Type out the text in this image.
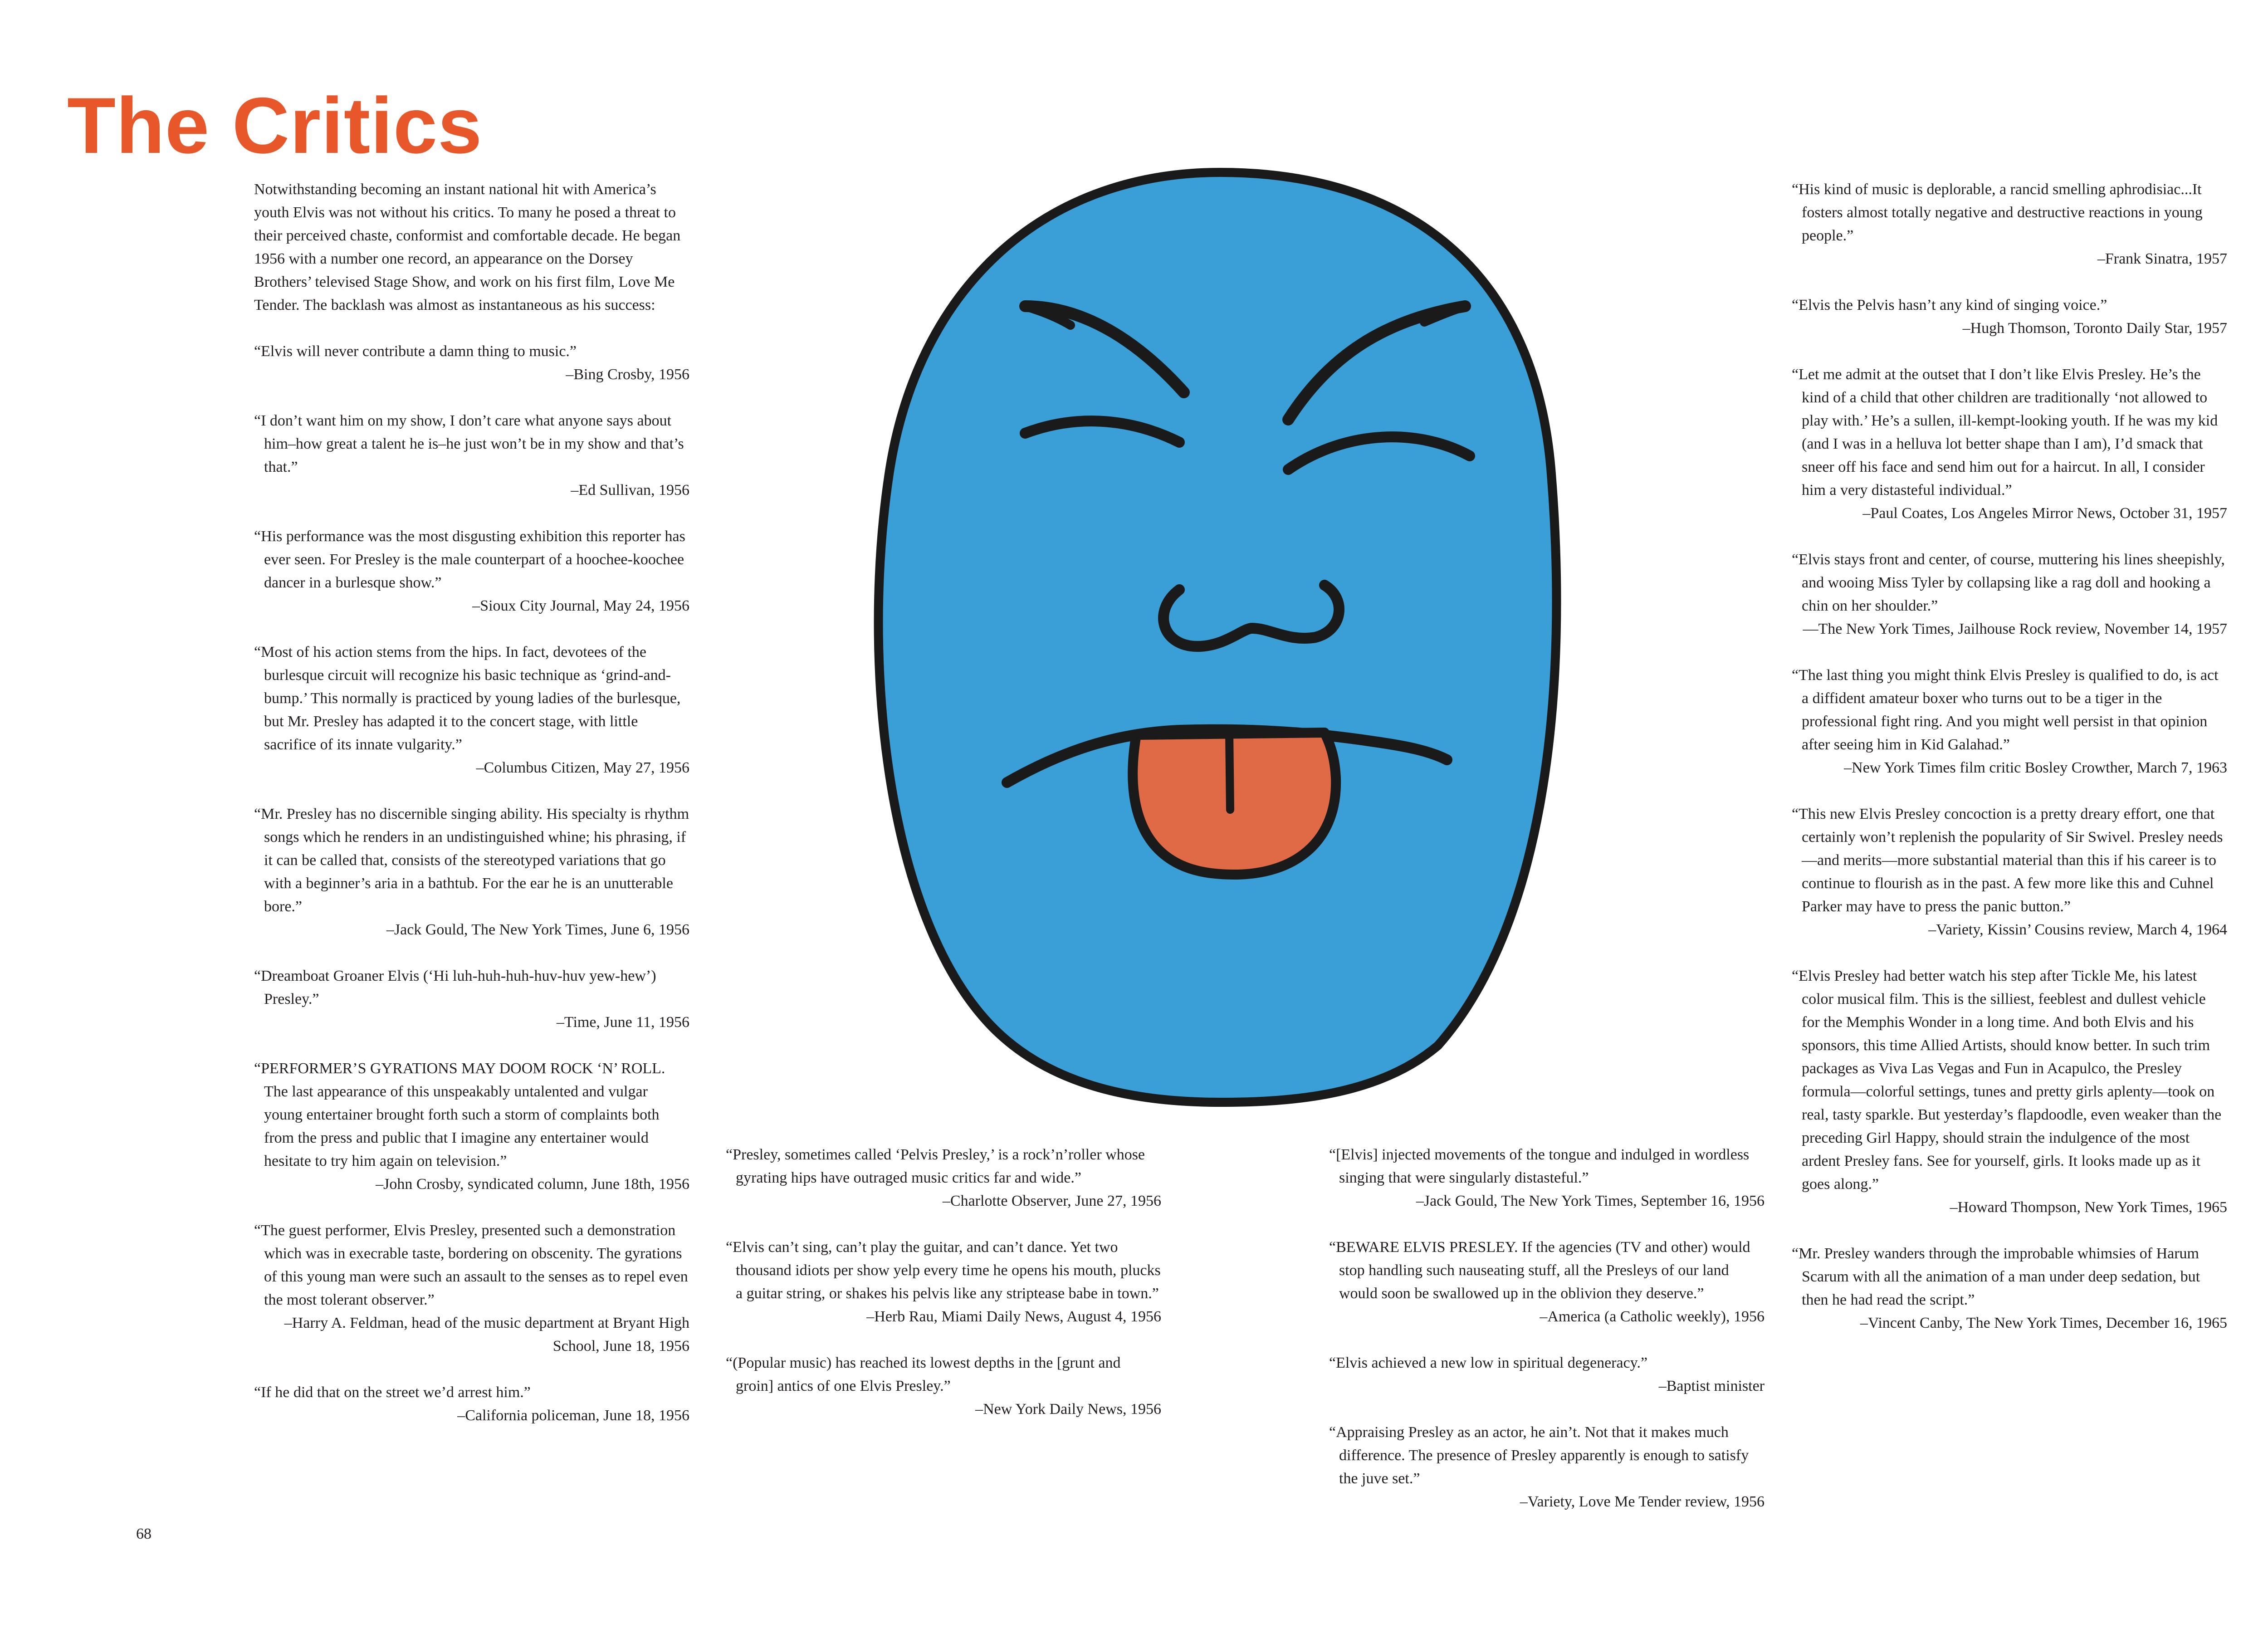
The Critics

Notwithstanding becoming an instant national hit with America’s youth Elvis was not without his critics. To many he posed a threat to their perceived chaste, conformist and comfortable decade. He began 1956 with a number one record, an appearance on the Dorsey Brothers’ televised Stage Show, and work on his first film, Love Me Tender. The backlash was almost as instantaneous as his success:

“Elvis will never contribute a damn thing to music.”

–Bing Crosby, 1956

“I don’t want him on my show, I don’t care what anyone says about him–how great a talent he is–he just won’t be in my show and that’s that.”

–Ed Sullivan, 1956

“His performance was the most disgusting exhibition this reporter has ever seen. For Presley is the male counterpart of a hoochee-koochee dancer in a burlesque show.”

–Sioux City Journal, May 24, 1956

“Most of his action stems from the hips. In fact, devotees of the burlesque circuit will recognize his basic technique as ‘grind-and-bump.’ This normally is practiced by young ladies of the burlesque, but Mr. Presley has adapted it to the concert stage, with little sacrifice of its innate vulgarity.”

–Columbus Citizen, May 27, 1956

“Mr. Presley has no discernible singing ability. His specialty is rhythm songs which he renders in an undistinguished whine; his phrasing, if it can be called that, consists of the stereotyped variations that go with a beginner’s aria in a bathtub. For the ear he is an unutterable bore.”

–Jack Gould, The New York Times, June 6, 1956

“Dreamboat Groaner Elvis (‘Hi luh-huh-huh-huv-huv yew-hew’) Presley.”

–Time, June 11, 1956

“PERFORMER’S GYRATIONS MAY DOOM ROCK ‘N’ ROLL. The last appearance of this unspeakably untalented and vulgar young entertainer brought forth such a storm of complaints both from the press and public that I imagine any entertainer would hesitate to try him again on television.”

–John Crosby, syndicated column, June 18th, 1956

“The guest performer, Elvis Presley, presented such a demonstration which was in execrable taste, bordering on obscenity. The gyrations of this young man were such an assault to the senses as to repel even the most tolerant observer.”

–Harry A. Feldman, head of the music department at Bryant High School, June 18, 1956

“If he did that on the street we’d arrest him.”

–California policeman, June 18, 1956

“Presley, sometimes called ‘Pelvis Presley,’ is a rock’n’roller whose gyrating hips have outraged music critics far and wide.”

–Charlotte Observer, June 27, 1956

“Elvis can’t sing, can’t play the guitar, and can’t dance. Yet two thousand idiots per show yelp every time he opens his mouth, plucks a guitar string, or shakes his pelvis like any striptease babe in town.”

–Herb Rau, Miami Daily News, August 4, 1956

“(Popular music) has reached its lowest depths in the [grunt and groin] antics of one Elvis Presley.”

–New York Daily News, 1956

“[Elvis] injected movements of the tongue and indulged in wordless singing that were singularly distasteful.”

–Jack Gould, The New York Times, September 16, 1956

“BEWARE ELVIS PRESLEY. If the agencies (TV and other) would stop handling such nauseating stuff, all the Presleys of our land would soon be swallowed up in the oblivion they deserve.”

–America (a Catholic weekly), 1956

“Elvis achieved a new low in spiritual degeneracy.”

–Baptist minister

“Appraising Presley as an actor, he ain’t. Not that it makes much difference. The presence of Presley apparently is enough to satisfy the juve set.”

–Variety, Love Me Tender review, 1956

“His kind of music is deplorable, a rancid smelling aphrodisiac...It fosters almost totally negative and destructive reactions in young people.”

–Frank Sinatra, 1957

“Elvis the Pelvis hasn’t any kind of singing voice.”

–Hugh Thomson, Toronto Daily Star, 1957

“Let me admit at the outset that I don’t like Elvis Presley. He’s the kind of a child that other children are traditionally ‘not allowed to play with.’ He’s a sullen, ill-kempt-looking youth. If he was my kid (and I was in a helluva lot better shape than I am), I’d smack that sneer off his face and send him out for a haircut. In all, I consider him a very distasteful individual.”

–Paul Coates, Los Angeles Mirror News, October 31, 1957

“Elvis stays front and center, of course, muttering his lines sheepishly, and wooing Miss Tyler by collapsing like a rag doll and hooking a chin on her shoulder.”

—The New York Times, Jailhouse Rock review, November 14, 1957

“The last thing you might think Elvis Presley is qualified to do, is act a diffident amateur boxer who turns out to be a tiger in the professional fight ring. And you might well persist in that opinion after seeing him in Kid Galahad.”

–New York Times film critic Bosley Crowther, March 7, 1963

“This new Elvis Presley concoction is a pretty dreary effort, one that certainly won’t replenish the popularity of Sir Swivel. Presley needs—and merits—more substantial material than this if his career is to continue to flourish as in the past. A few more like this and Cuhnel Parker may have to press the panic button.”

–Variety, Kissin’ Cousins review, March 4, 1964

“Elvis Presley had better watch his step after Tickle Me, his latest color musical film. This is the silliest, feeblest and dullest vehicle for the Memphis Wonder in a long time. And both Elvis and his sponsors, this time Allied Artists, should know better. In such trim packages as Viva Las Vegas and Fun in Acapulco, the Presley formula—colorful settings, tunes and pretty girls aplenty—took on real, tasty sparkle. But yesterday’s flapdoodle, even weaker than the preceding Girl Happy, should strain the indulgence of the most ardent Presley fans. See for yourself, girls. It looks made up as it goes along.”

–Howard Thompson, New York Times, 1965

“Mr. Presley wanders through the improbable whimsies of Harum Scarum with all the animation of a man under deep sedation, but then he had read the script.”

–Vincent Canby, The New York Times, December 16, 1965

68
